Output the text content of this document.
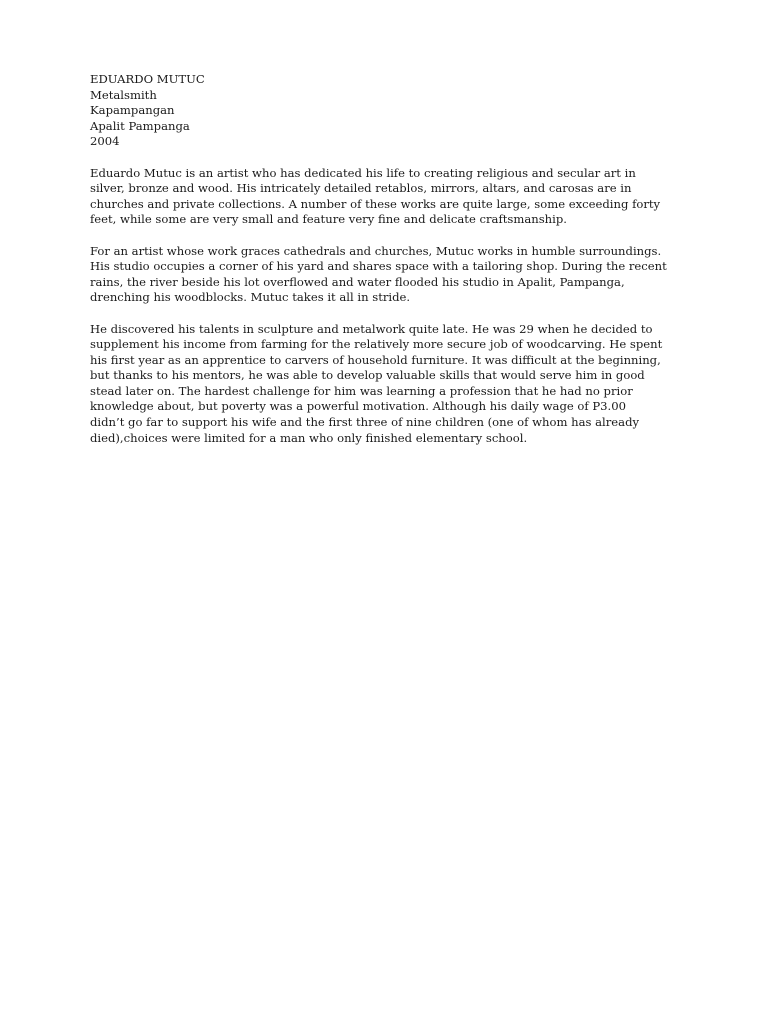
EDUARDO MUTUC
Metalsmith
Kapampangan
Apalit Pampanga
2004

Eduardo Mutuc is an artist who has dedicated his life to creating religious and secular art in
silver, bronze and wood. His intricately detailed retablos, mirrors, altars, and carosas are in
churches and private collections. A number of these works are quite large, some exceeding forty
feet, while some are very small and feature very fine and delicate craftsmanship.

For an artist whose work graces cathedrals and churches, Mutuc works in humble surroundings.
His studio occupies a corner of his yard and shares space with a tailoring shop. During the recent
rains, the river beside his lot overflowed and water flooded his studio in Apalit, Pampanga,
drenching his woodblocks. Mutuc takes it all in stride.

He discovered his talents in sculpture and metalwork quite late. He was 29 when he decided to
supplement his income from farming for the relatively more secure job of woodcarving. He spent
his first year as an apprentice to carvers of household furniture. It was difficult at the beginning,
but thanks to his mentors, he was able to develop valuable skills that would serve him in good
stead later on. The hardest challenge for him was learning a profession that he had no prior
knowledge about, but poverty was a powerful motivation. Although his daily wage of P3.00
didn’t go far to support his wife and the first three of nine children (one of whom has already
died),choices were limited for a man who only finished elementary school.
